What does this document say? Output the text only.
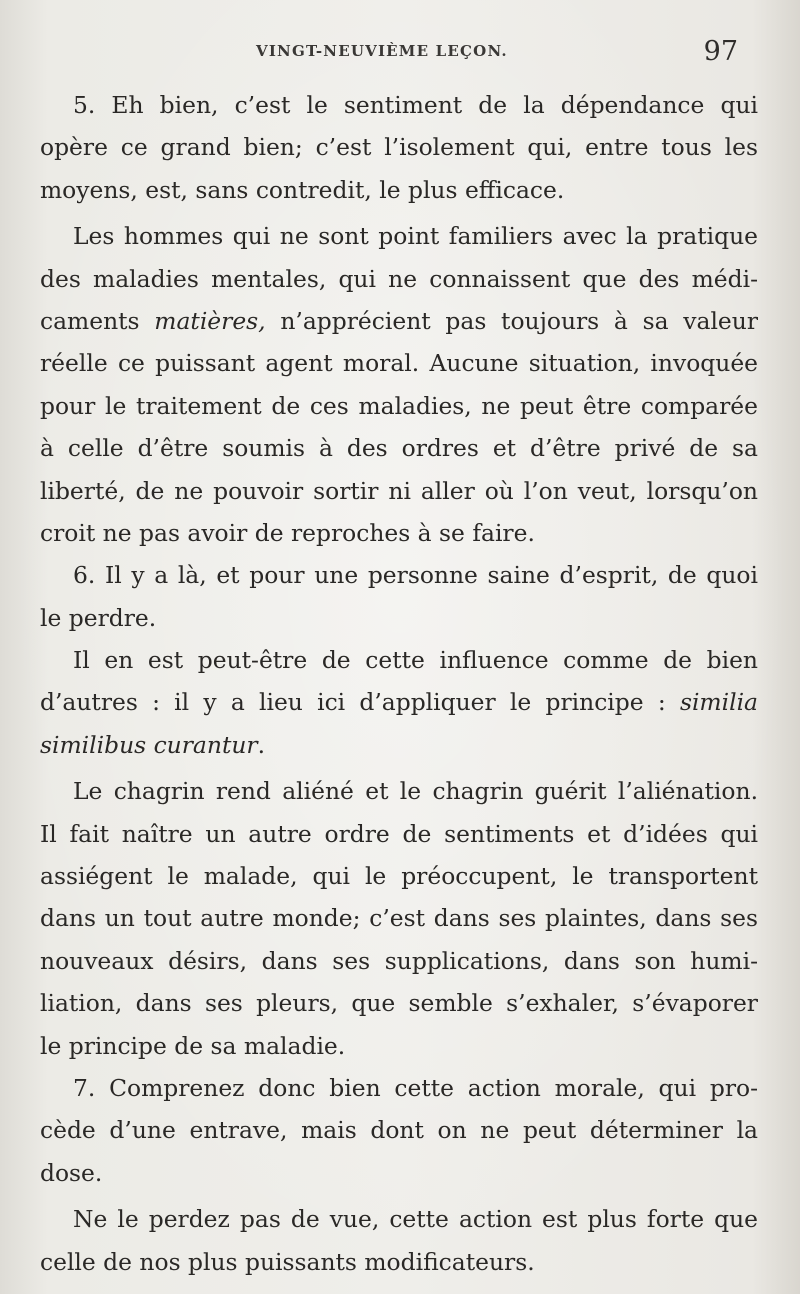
VINGT-NEUVIÈME LEÇON.	97
5. Eh bien, c’est le sentiment de la dépendance qui
opère ce grand bien; c’est l’isolement qui, entre tous les
moyens, est, sans contredit, le plus efficace.
Les hommes qui ne sont point familiers avec la pratique
des maladies mentales, qui ne connaissent que des médi-
caments matières, n’apprécient pas toujours à sa valeur
réelle ce puissant agent moral. Aucune situation, invoquée
pour le traitement de ces maladies, ne peut être comparée
à celle d’être soumis à des ordres et d’être privé de sa
liberté, de ne pouvoir sortir ni aller où l’on veut, lorsqu’on
croit ne pas avoir de reproches à se faire.
6. Il y a là, et pour une personne saine d’esprit, de quoi
le perdre.
Il en est peut-être de cette influence comme de bien
d’autres : il y a lieu ici d’appliquer le principe : similia
similibus curantur.
Le chagrin rend aliéné et le chagrin guérit l’aliénation.
Il fait naître un autre ordre de sentiments et d’idées qui
assiégent le malade, qui le préoccupent, le transportent
dans un tout autre monde; c’est dans ses plaintes, dans ses
nouveaux désirs, dans ses supplications, dans son humi-
liation, dans ses pleurs, que semble s’exhaler, s’évaporer
le principe de sa maladie.
7. Comprenez donc bien cette action morale, qui pro-
cède d’une entrave, mais dont on ne peut déterminer la
dose.
Ne le perdez pas de vue, cette action est plus forte que
celle de nos plus puissants modificateurs.
